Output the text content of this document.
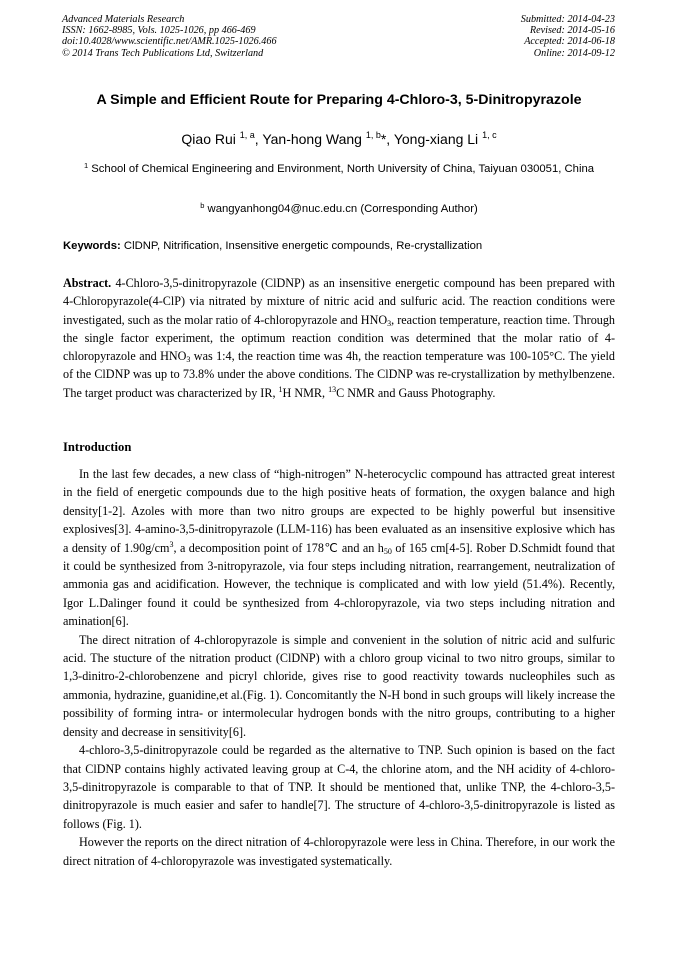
Advanced Materials Research
ISSN: 1662-8985, Vols. 1025-1026, pp 466-469
doi:10.4028/www.scientific.net/AMR.1025-1026.466
© 2014 Trans Tech Publications Ltd, Switzerland
Submitted: 2014-04-23
Revised: 2014-05-16
Accepted: 2014-06-18
Online: 2014-09-12
A Simple and Efficient Route for Preparing 4-Chloro-3, 5-Dinitropyrazole
Qiao Rui $^{1, a}$, Yan-hong Wang $^{1, b}$*, Yong-xiang Li $^{1, c}$
$^1$ School of Chemical Engineering and Environment, North University of China, Taiyuan 030051, China
$^b$ wangyanhong04@nuc.edu.cn (Corresponding Author)
Keywords: ClDNP, Nitrification, Insensitive energetic compounds, Re-crystallization
Abstract. 4-Chloro-3,5-dinitropyrazole (ClDNP) as an insensitive energetic compound has been prepared with 4-Chloropyrazole(4-ClP) via nitrated by mixture of nitric acid and sulfuric acid. The reaction conditions were investigated, such as the molar ratio of 4-chloropyrazole and $HNO_3$, reaction temperature, reaction time. Through the single factor experiment, the optimum reaction condition was determined that the molar ratio of 4-chloropyrazole and $HNO_3$ was 1:4, the reaction time was 4h, the reaction temperature was 100-105°C. The yield of the ClDNP was up to 73.8% under the above conditions. The ClDNP was re-crystallization by methylbenzene. The target product was characterized by IR, $^1$H NMR, $^{13}$C NMR and Gauss Photography.
Introduction

In the last few decades, a new class of “high-nitrogen” N-heterocyclic compound has attracted great interest in the field of energetic compounds due to the high positive heats of formation, the oxygen balance and high density[1-2]. Azoles with more than two nitro groups are expected to be highly powerful but insensitive explosives[3]. 4-amino-3,5-dinitropyrazole (LLM-116) has been evaluated as an insensitive explosive which has a density of $1.90g/cm^3$, a decomposition point of 178℃ and an $h_{50}$ of 165 cm[4-5]. Rober D.Schmidt found that it could be synthesized from 3-nitropyrazole, via four steps including nitration, rearrangement, neutralization of ammonia gas and acidification. However, the technique is complicated and with low yield (51.4%). Recently, Igor L.Dalinger found it could be synthesized from 4-chloropyrazole, via two steps including nitration and amination[6].

The direct nitration of 4-chloropyrazole is simple and convenient in the solution of nitric acid and sulfuric acid. The stucture of the nitration product (ClDNP) with a chloro group vicinal to two nitro groups, similar to 1,3-dinitro-2-chlorobenzene and picryl chloride, gives rise to good reactivity towards nucleophiles such as ammonia, hydrazine, guanidine,et al.(Fig. 1). Concomitantly the N-H bond in such groups will likely increase the possibility of forming intra- or intermolecular hydrogen bonds with the nitro groups, contributing to a higher density and decrease in sensitivity[6].

4-chloro-3,5-dinitropyrazole could be regarded as the alternative to TNP. Such opinion is based on the fact that ClDNP contains highly activated leaving group at C-4, the chlorine atom, and the NH acidity of 4-chloro-3,5-dinitropyrazole is comparable to that of TNP. It should be mentioned that, unlike TNP, the 4-chloro-3,5-dinitropyrazole is much easier and safer to handle[7]. The structure of 4-chloro-3,5-dinitropyrazole is listed as follows (Fig. 1).

However the reports on the direct nitration of 4-chloropyrazole were less in China. Therefore, in our work the direct nitration of 4-chloropyrazole was investigated systematically.
